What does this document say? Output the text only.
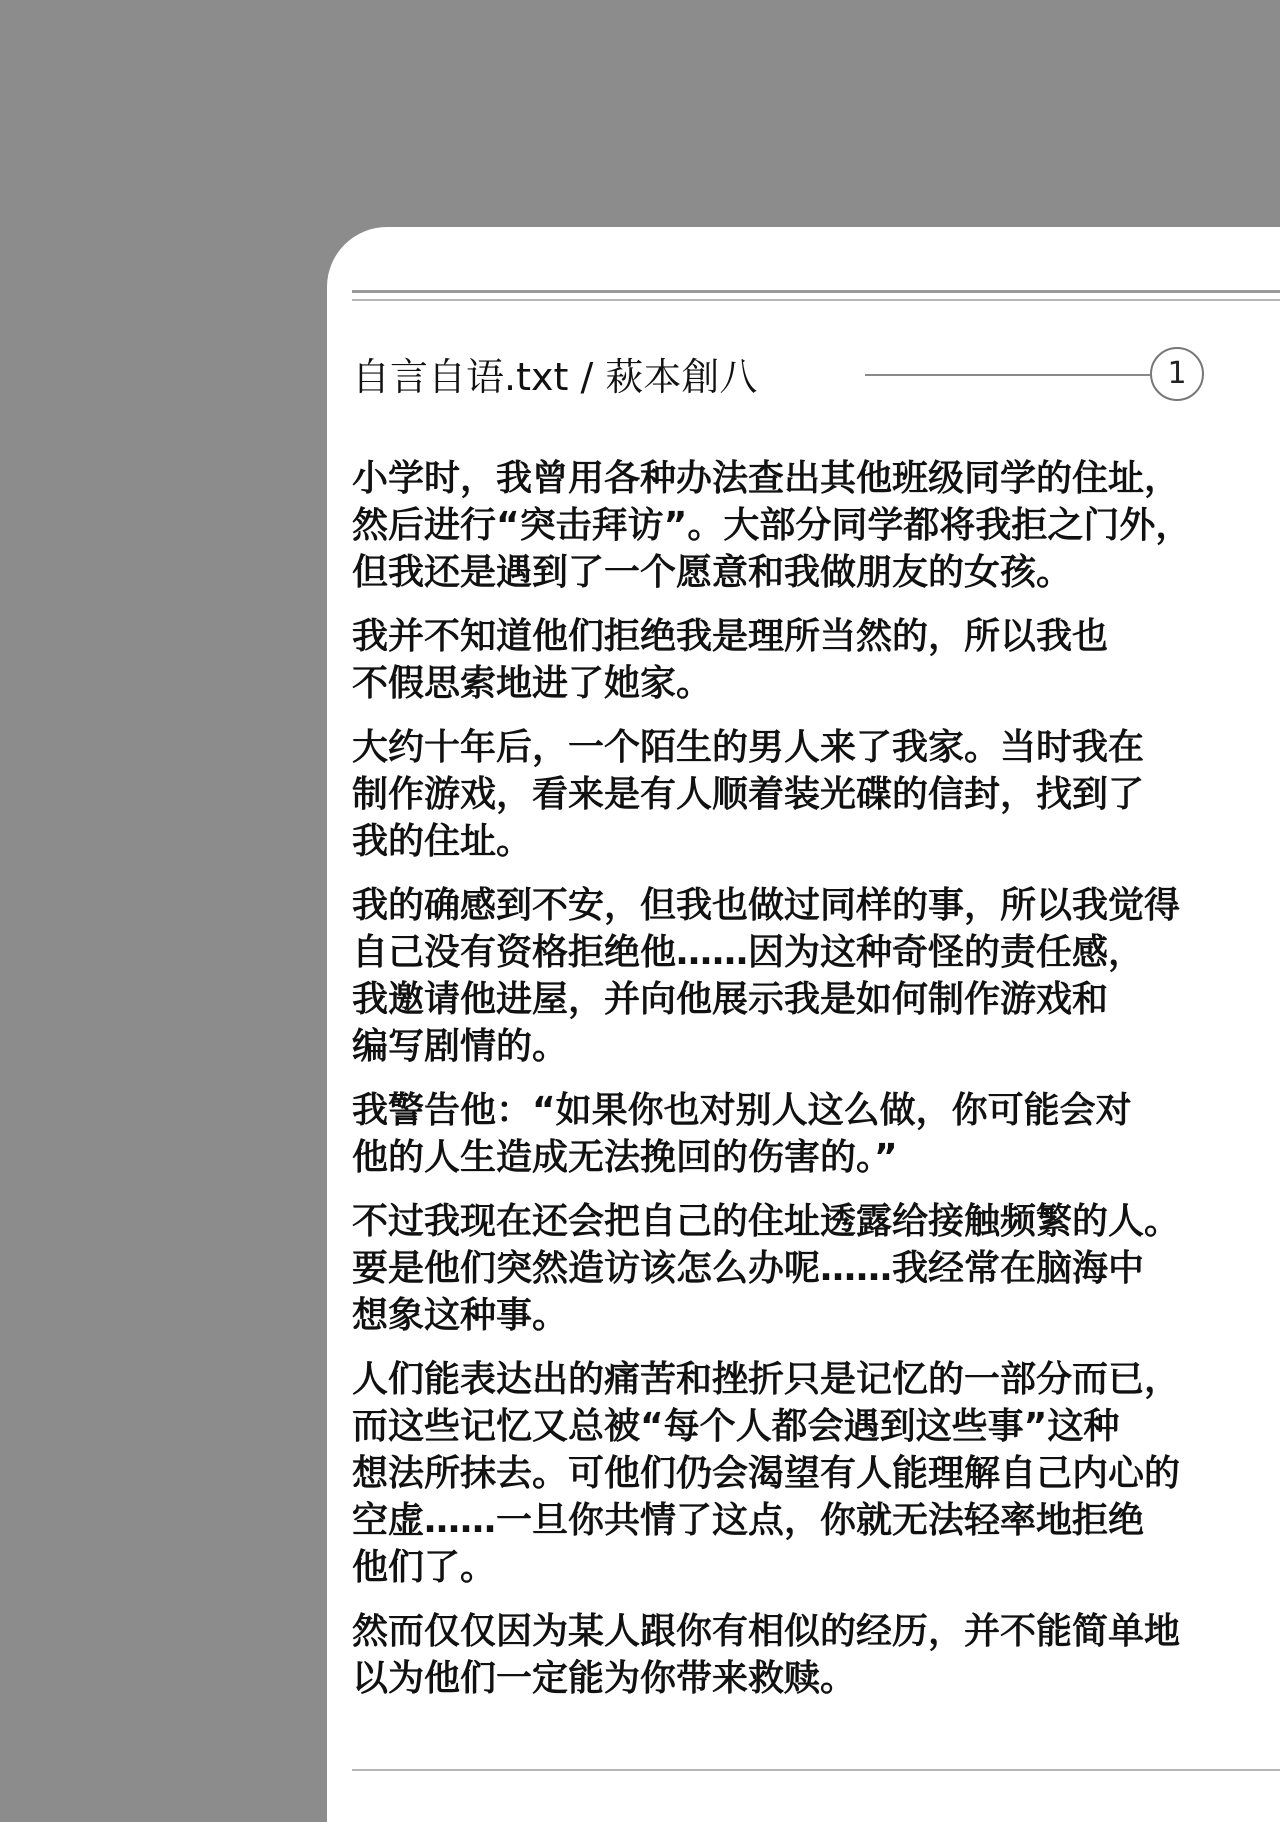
自言自语.txt / 萩本創八	1

小学时，我曾用各种办法查出其他班级同学的住址，
然后进行“突击拜访”。大部分同学都将我拒之门外，
但我还是遇到了一个愿意和我做朋友的女孩。

我并不知道他们拒绝我是理所当然的，所以我也
不假思索地进了她家。

大约十年后，一个陌生的男人来了我家。当时我在
制作游戏，看来是有人顺着装光碟的信封，找到了
我的住址。

我的确感到不安，但我也做过同样的事，所以我觉得
自己没有资格拒绝他……因为这种奇怪的责任感，
我邀请他进屋，并向他展示我是如何制作游戏和
编写剧情的。

我警告他：“如果你也对别人这么做，你可能会对
他的人生造成无法挽回的伤害的。”

不过我现在还会把自己的住址透露给接触频繁的人。
要是他们突然造访该怎么办呢……我经常在脑海中
想象这种事。

人们能表达出的痛苦和挫折只是记忆的一部分而已，
而这些记忆又总被“每个人都会遇到这些事”这种
想法所抹去。可他们仍会渴望有人能理解自己内心的
空虚……一旦你共情了这点，你就无法轻率地拒绝
他们了。

然而仅仅因为某人跟你有相似的经历，并不能简单地
以为他们一定能为你带来救赎。
